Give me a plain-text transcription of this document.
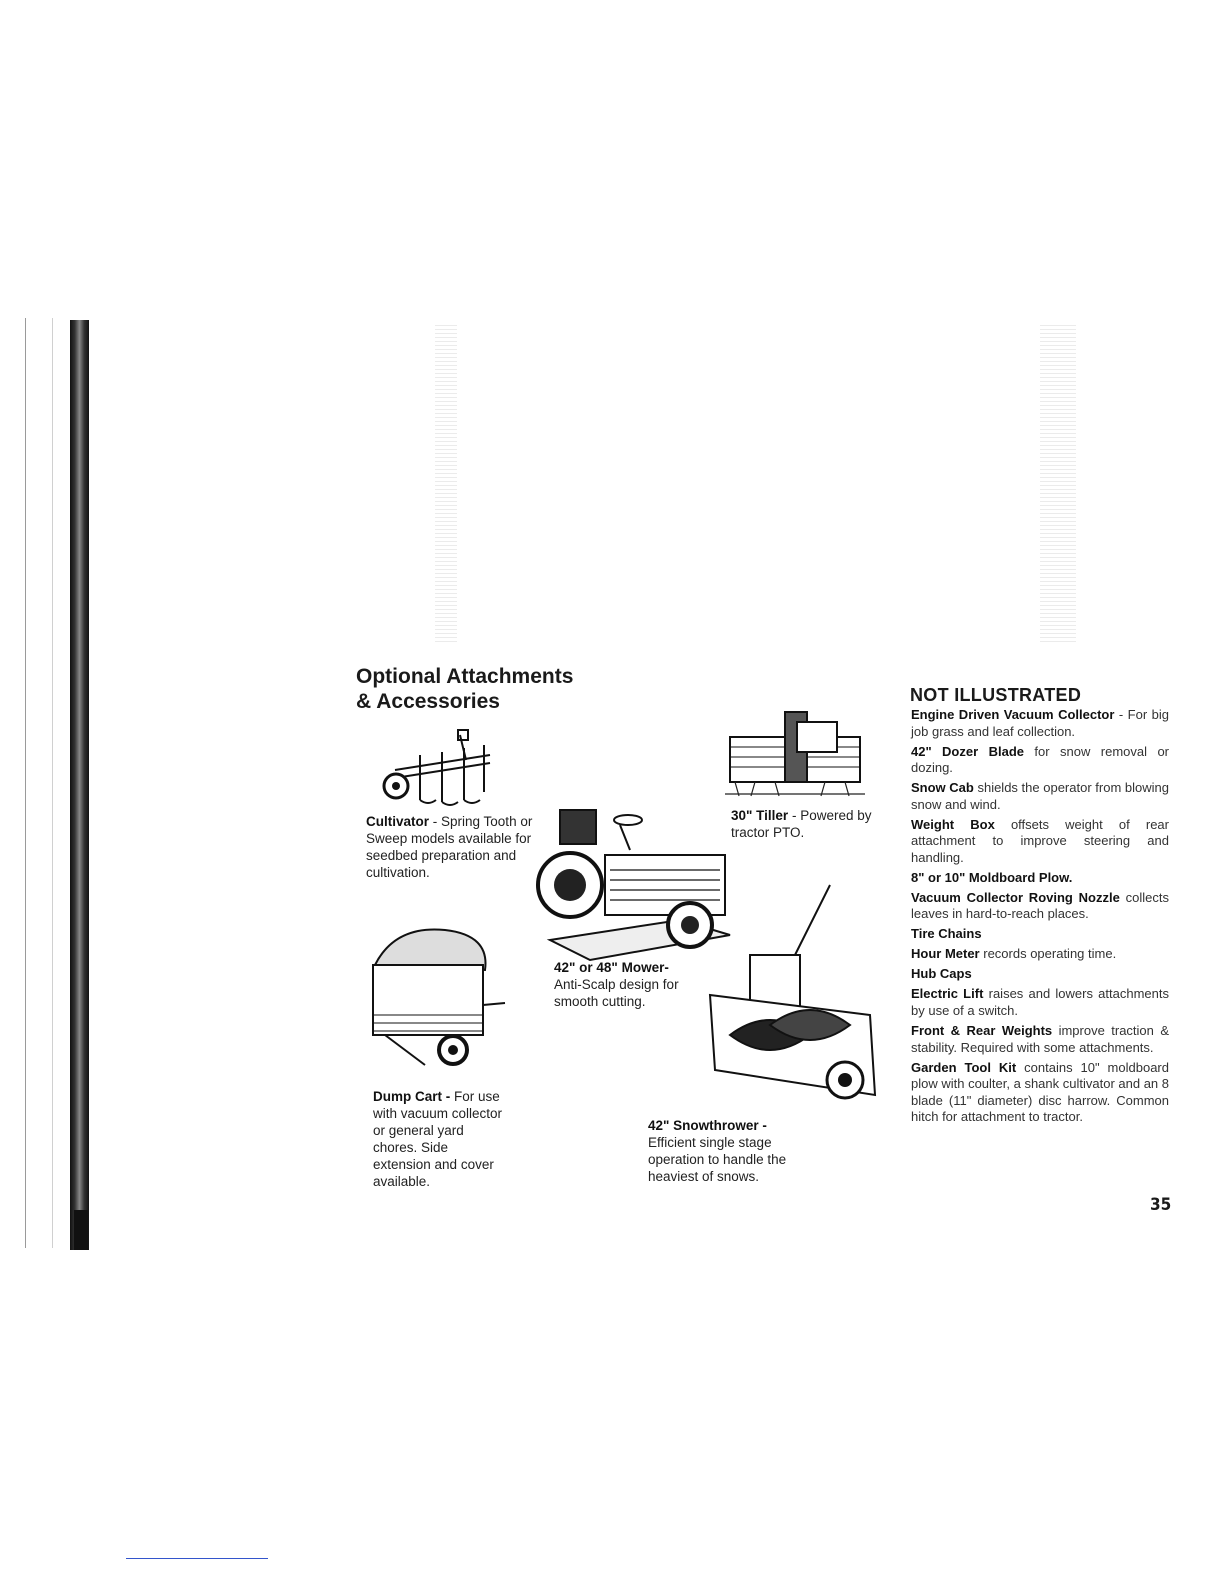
Optional Attachments
& Accessories
Cultivator - Spring Tooth or Sweep models available for seedbed preparation and cultivation.
42" or 48" Mower- Anti-Scalp design for smooth cutting.
30" Tiller - Powered by tractor PTO.
Dump Cart - For use with vacuum collector or general yard chores. Side extension and cover available.
42" Snowthrower -
Efficient single stage operation to handle the heaviest of snows.
NOT ILLUSTRATED
Engine Driven Vacuum Collector - For big job grass and leaf collection.
42" Dozer Blade for snow removal or dozing.
Snow Cab shields the operator from blowing snow and wind.
Weight Box offsets weight of rear attachment to improve steering and handling.
8" or 10" Moldboard Plow.
Vacuum Collector Roving Nozzle collects leaves in hard-to-reach places.
Tire Chains
Hour Meter records operating time.
Hub Caps
Electric Lift raises and lowers attachments by use of a switch.
Front & Rear Weights improve traction & stability. Required with some attachments.
Garden Tool Kit contains 10" moldboard plow with coulter, a shank cultivator and an 8 blade (11" diameter) disc harrow. Common hitch for attachment to tractor.
35
